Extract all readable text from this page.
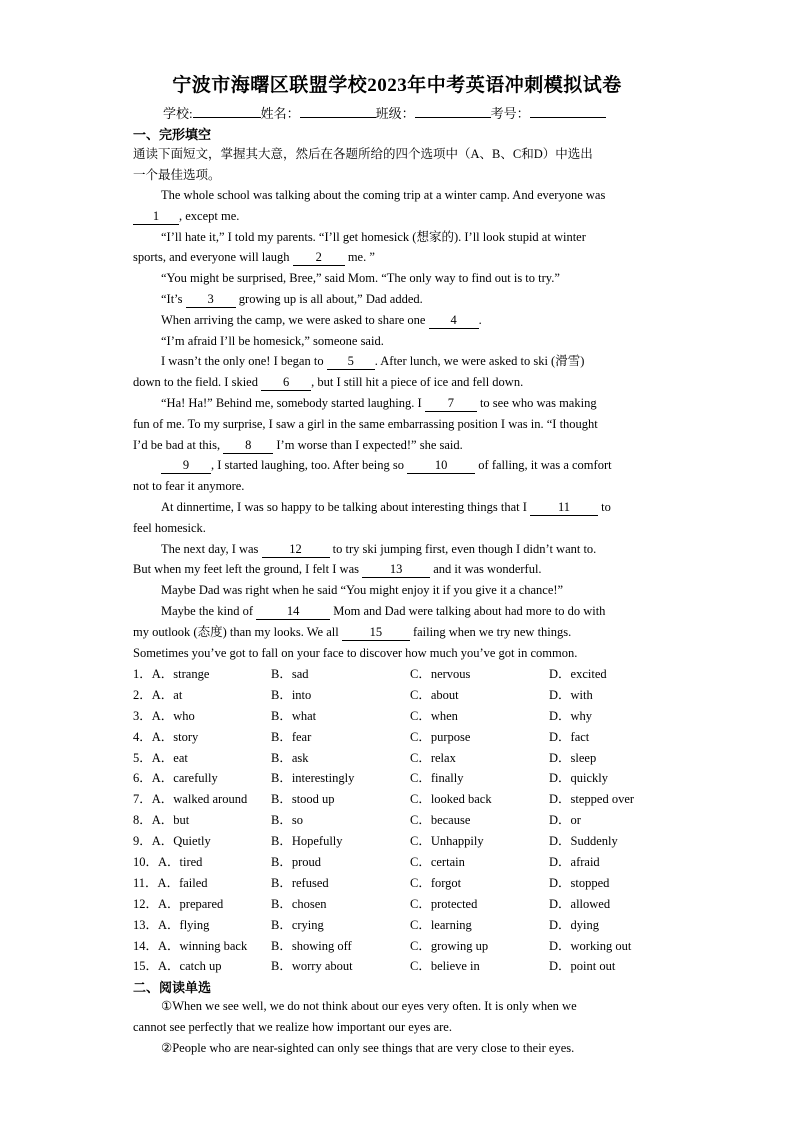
宁波市海曙区联盟学校2023年中考英语冲刺模拟试卷
学校:	姓名：	班级：	考号：
一、完形填空
通读下面短文，掌握其大意，然后在各题所给的四个选项中（A、B、C和D）中选出
一个最佳选项。
The whole school was talking about the coming trip at a winter camp. And everyone was
1 , except me.
“I’ll hate it,” I told my parents. “I’ll get homesick (想家的). I’ll look stupid at winter
sports, and everyone will laugh 2 me. ”
“You might be surprised, Bree,” said Mom. “The only way to find out is to try.”
“It’s 3 growing up is all about,” Dad added.
When arriving the camp, we were asked to share one 4 .
“I’m afraid I’ll be homesick,” someone said.
I wasn’t the only one! I began to 5 . After lunch, we were asked to ski (滑雪)
down to the field. I skied 6 , but I still hit a piece of ice and fell down.
“Ha! Ha!” Behind me, somebody started laughing. I 7 to see who was making
fun of me. To my surprise, I saw a girl in the same embarrassing position I was in. “I thought
I’d be bad at this, 8 I’m worse than I expected!” she said.
9 , I started laughing, too. After being so 10 of falling, it was a comfort
not to fear it anymore.
At dinnertime, I was so happy to be talking about interesting things that I 11 to
feel homesick.
The next day, I was 12 to try ski jumping first, even though I didn’t want to.
But when my feet left the ground, I felt I was 13 and it was wonderful.
Maybe Dad was right when he said “You might enjoy it if you give it a chance!”
Maybe the kind of 14 Mom and Dad were talking about had more to do with
my outlook (态度) than my looks. We all 15 failing when we try new things.
Sometimes you’ve got to fall on your face to discover how much you’ve got in common.
1．A．strange	B．sad	C．nervous	D．excited
2．A．at	B．into	C．about	D．with
3．A．who	B．what	C．when	D．why
4．A．story	B．fear	C．purpose	D．fact
5．A．eat	B．ask	C．relax	D．sleep
6．A．carefully	B．interestingly	C．finally	D．quickly
7．A．walked around B．stood up	C．looked back	D．stepped over
8．A．but	B．so	C．because	D．or
9．A．Quietly	B．Hopefully	C．Unhappily	D．Suddenly
10．A．tired	B．proud	C．certain	D．afraid
11．A．failed	B．refused	C．forgot	D．stopped
12．A．prepared	B．chosen	C．protected	D．allowed
13．A．flying	B．crying	C．learning	D．dying
14．A．winning back B．showing off	C．growing up	D．working out
15．A．catch up	B．worry about	C．believe in	D．point out
二、阅读单选
①When we see well, we do not think about our eyes very often. It is only when we
cannot see perfectly that we realize how important our eyes are.
②People who are near-sighted can only see things that are very close to their eyes.
